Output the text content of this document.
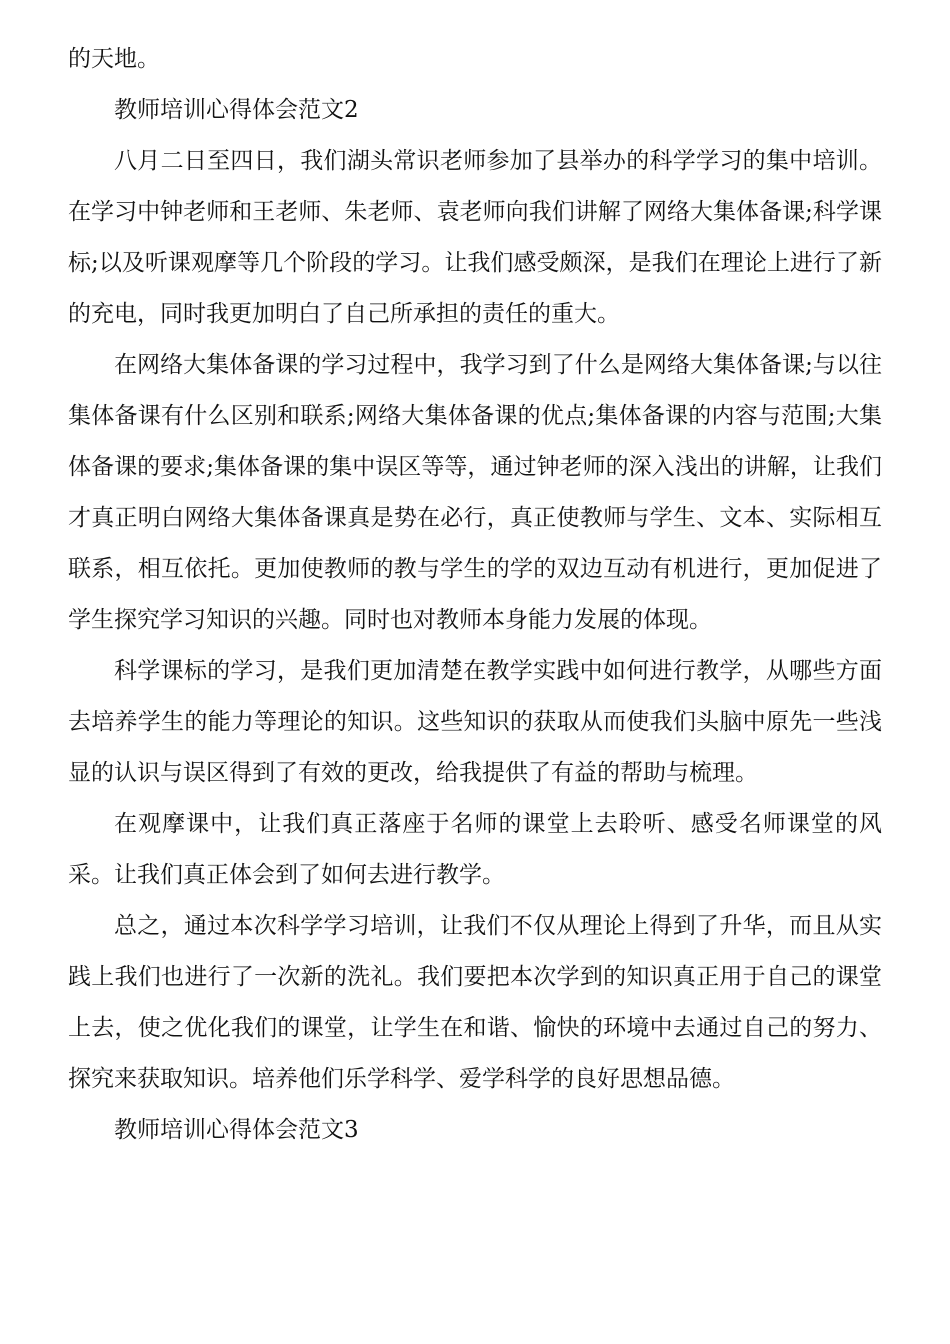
的天地。

教师培训心得体会范文2

八月二日至四日，我们湖头常识老师参加了县举办的科学学习的集中培训。在学习中钟老师和王老师、朱老师、袁老师向我们讲解了网络大集体备课;科学课标;以及听课观摩等几个阶段的学习。让我们感受颇深，是我们在理论上进行了新的充电，同时我更加明白了自己所承担的责任的重大。

在网络大集体备课的学习过程中，我学习到了什么是网络大集体备课;与以往集体备课有什么区别和联系;网络大集体备课的优点;集体备课的内容与范围;大集体备课的要求;集体备课的集中误区等等，通过钟老师的深入浅出的讲解，让我们才真正明白网络大集体备课真是势在必行，真正使教师与学生、文本、实际相互联系，相互依托。更加使教师的教与学生的学的双边互动有机进行，更加促进了学生探究学习知识的兴趣。同时也对教师本身能力发展的体现。

科学课标的学习，是我们更加清楚在教学实践中如何进行教学，从哪些方面去培养学生的能力等理论的知识。这些知识的获取从而使我们头脑中原先一些浅显的认识与误区得到了有效的更改，给我提供了有益的帮助与梳理。

在观摩课中，让我们真正落座于名师的课堂上去聆听、感受名师课堂的风采。让我们真正体会到了如何去进行教学。

总之，通过本次科学学习培训，让我们不仅从理论上得到了升华，而且从实践上我们也进行了一次新的洗礼。我们要把本次学到的知识真正用于自己的课堂上去，使之优化我们的课堂，让学生在和谐、愉快的环境中去通过自己的努力、探究来获取知识。培养他们乐学科学、爱学科学的良好思想品德。

教师培训心得体会范文3
